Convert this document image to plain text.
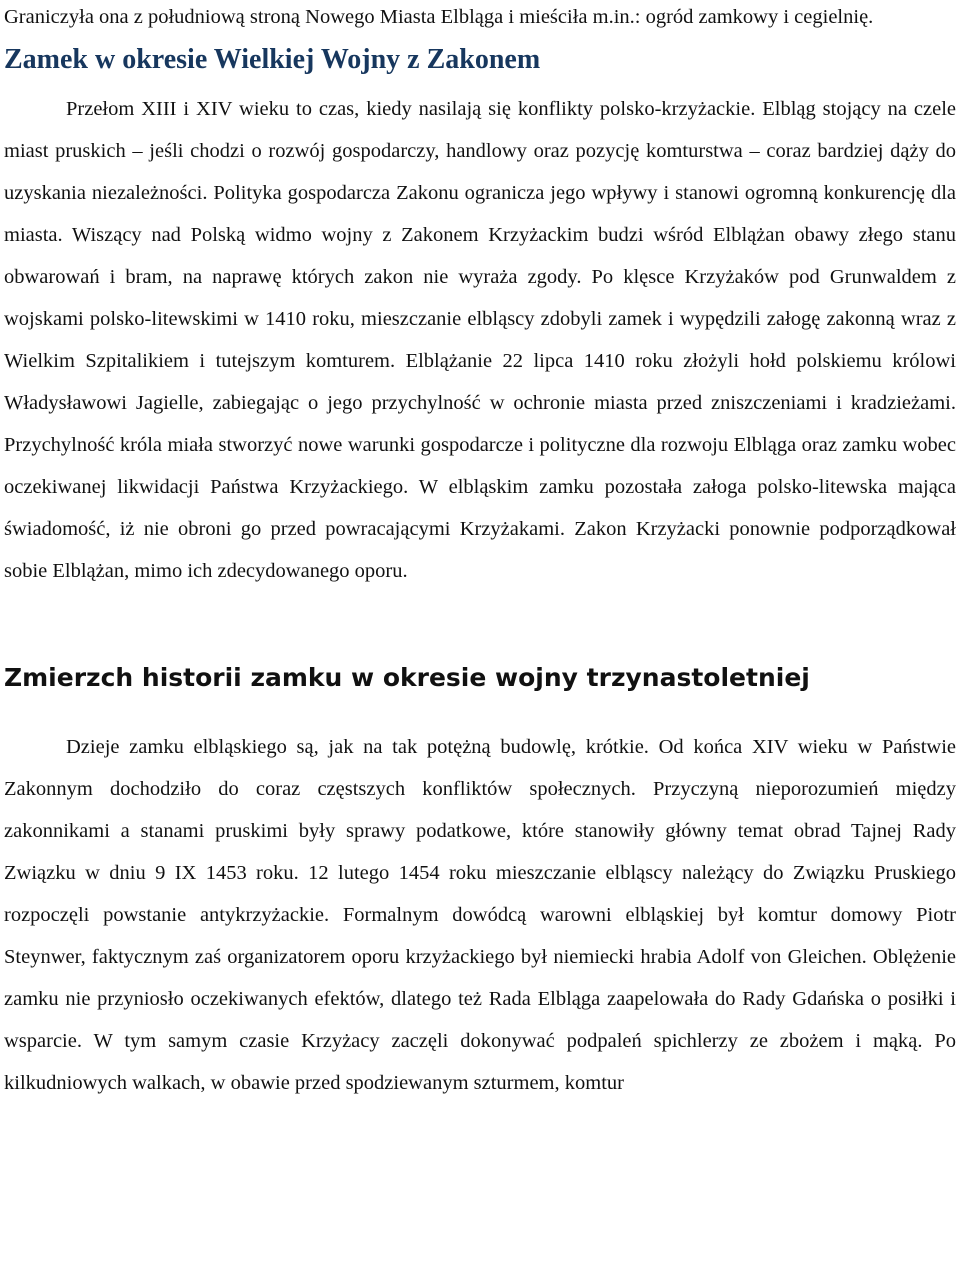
Graniczyła ona z południową stroną Nowego Miasta Elbląga i mieściła m.in.: ogród zamkowy i cegielnię.

Zamek w okresie Wielkiej Wojny z Zakonem

Przełom XIII i XIV wieku to czas, kiedy nasilają się konflikty polsko-krzyżackie. Elbląg stojący na czele miast pruskich – jeśli chodzi o rozwój gospodarczy, handlowy oraz pozycję komturstwa – coraz bardziej dąży do uzyskania niezależności. Polityka gospodarcza Zakonu ogranicza jego wpływy i stanowi ogromną konkurencję dla miasta. Wiszący nad Polską widmo wojny z Zakonem Krzyżackim budzi wśród Elblążan obawy złego stanu obwarowań i bram, na naprawę których zakon nie wyraża zgody. Po klęsce Krzyżaków pod Grunwaldem z wojskami polsko-litewskimi w 1410 roku, mieszczanie elbląscy zdobyli zamek i wypędzili załogę zakonną wraz z Wielkim Szpitalikiem i tutejszym komturem. Elblążanie 22 lipca 1410 roku złożyli hołd polskiemu królowi Władysławowi Jagielle, zabiegając o jego przychylność w ochronie miasta przed zniszczeniami i kradzieżami. Przychylność króla miała stworzyć nowe warunki gospodarcze i polityczne dla rozwoju Elbląga oraz zamku wobec oczekiwanej likwidacji Państwa Krzyżackiego. W elbląskim zamku pozostała załoga polsko-litewska mająca świadomość, iż nie obroni go przed powracającymi Krzyżakami. Zakon Krzyżacki ponownie podporządkował sobie Elblążan, mimo ich zdecydowanego oporu.

Zmierzch historii zamku w okresie wojny trzynastoletniej

Dzieje zamku elbląskiego są, jak na tak potężną budowlę, krótkie. Od końca XIV wieku w Państwie Zakonnym dochodziło do coraz częstszych konfliktów społecznych. Przyczyną nieporozumień między zakonnikami a stanami pruskimi były sprawy podatkowe, które stanowiły główny temat obrad Tajnej Rady Związku w dniu 9 IX 1453 roku. 12 lutego 1454 roku mieszczanie elbląscy należący do Związku Pruskiego rozpoczęli powstanie antykrzyżackie. Formalnym dowódcą warowni elbląskiej był komtur domowy Piotr Steynwer, faktycznym zaś organizatorem oporu krzyżackiego był niemiecki hrabia Adolf von Gleichen. Oblężenie zamku nie przyniosło oczekiwanych efektów, dlatego też Rada Elbląga zaapelowała do Rady Gdańska o posiłki i wsparcie. W tym samym czasie Krzyżacy zaczęli dokonywać podpaleń spichlerzy ze zbożem i mąką. Po kilkudniowych walkach, w obawie przed spodziewanym szturmem, komtur
